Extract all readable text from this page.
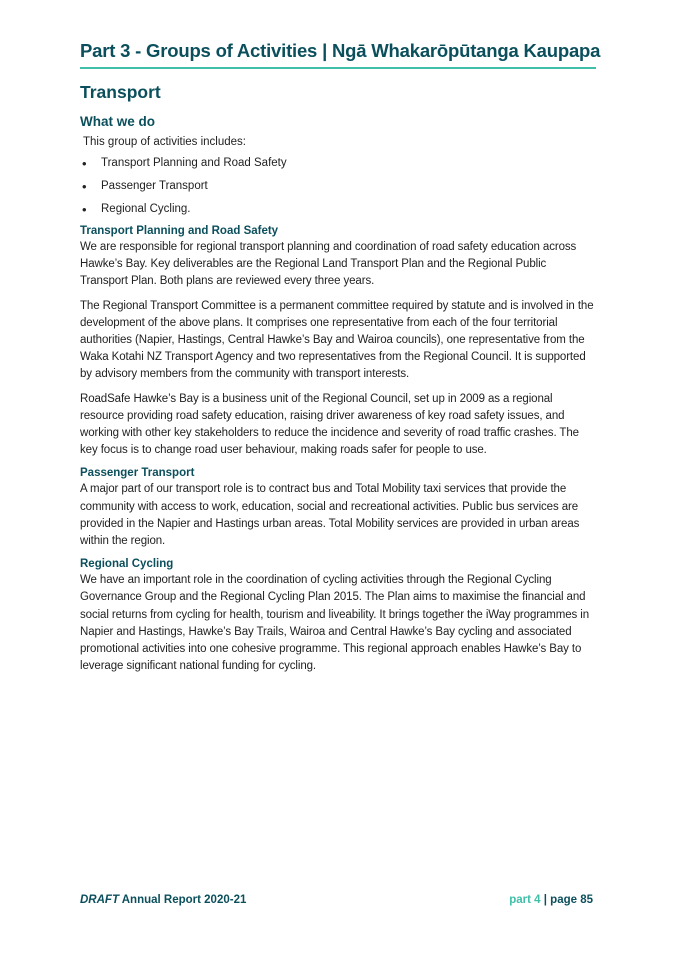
Part 3 - Groups of Activities | Ngā Whakarōpūtanga Kaupapa
Transport
What we do
This group of activities includes:
• Transport Planning and Road Safety
• Passenger Transport
• Regional Cycling.
Transport Planning and Road Safety

We are responsible for regional transport planning and coordination of road safety education across Hawke’s Bay. Key deliverables are the Regional Land Transport Plan and the Regional Public Transport Plan. Both plans are reviewed every three years.

The Regional Transport Committee is a permanent committee required by statute and is involved in the development of the above plans. It comprises one representative from each of the four territorial authorities (Napier, Hastings, Central Hawke’s Bay and Wairoa councils), one representative from the Waka Kotahi NZ Transport Agency and two representatives from the Regional Council. It is supported by advisory members from the community with transport interests.

RoadSafe Hawke’s Bay is a business unit of the Regional Council, set up in 2009 as a regional resource providing road safety education, raising driver awareness of key road safety issues, and working with other key stakeholders to reduce the incidence and severity of road traffic crashes. The key focus is to change road user behaviour, making roads safer for people to use.

Passenger Transport

A major part of our transport role is to contract bus and Total Mobility taxi services that provide the community with access to work, education, social and recreational activities. Public bus services are provided in the Napier and Hastings urban areas. Total Mobility services are provided in urban areas within the region.

Regional Cycling

We have an important role in the coordination of cycling activities through the Regional Cycling Governance Group and the Regional Cycling Plan 2015. The Plan aims to maximise the financial and social returns from cycling for health, tourism and liveability. It brings together the iWay programmes in Napier and Hastings, Hawke’s Bay Trails, Wairoa and Central Hawke’s Bay cycling and associated promotional activities into one cohesive programme. This regional approach enables Hawke’s Bay to leverage significant national funding for cycling.

DRAFT Annual Report 2020-21	part 4 | page 85
